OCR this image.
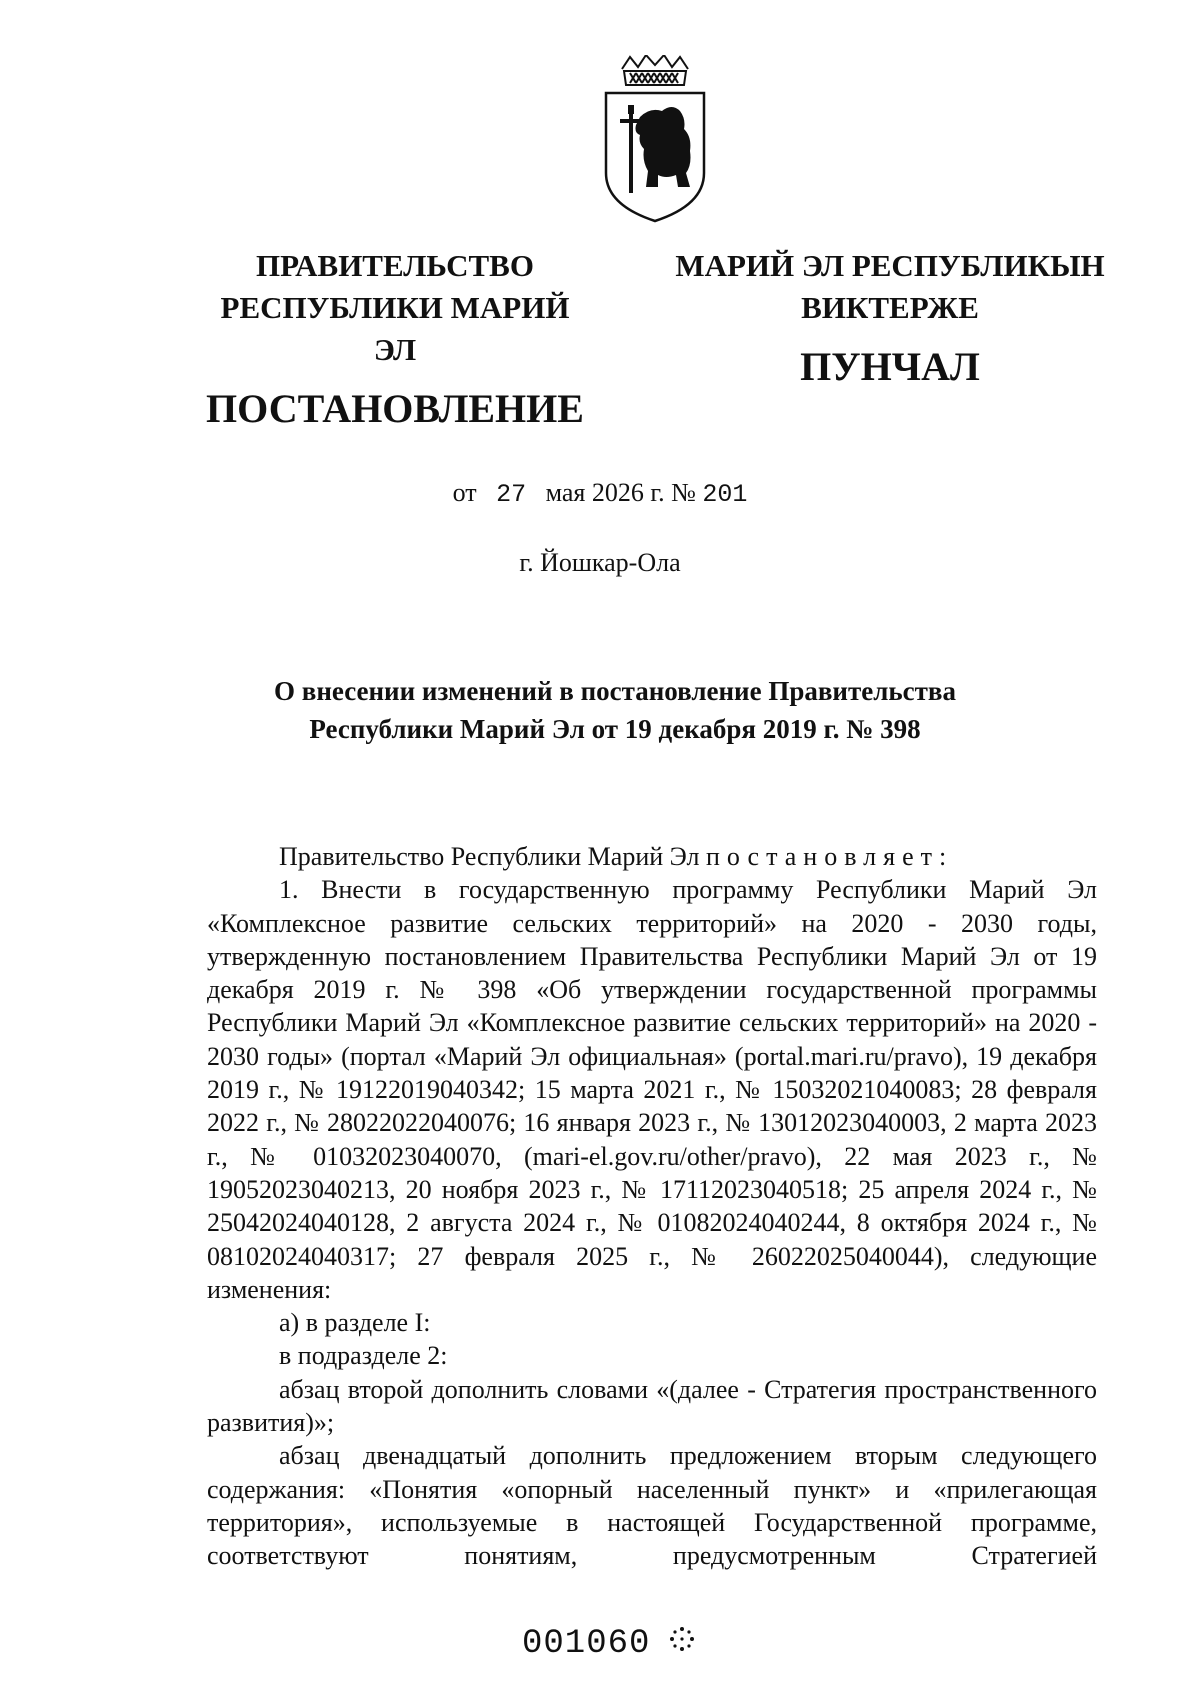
ПРАВИТЕЛЬСТВО
РЕСПУБЛИКИ МАРИЙ ЭЛ
ПОСТАНОВЛЕНИЕ
МАРИЙ ЭЛ РЕСПУБЛИКЫН
ВИКТЕРЖЕ
ПУНЧАЛ
от 27 мая 2026 г. № 201
г. Йошкар-Ола
О внесении изменений в постановление Правительства
Республики Марий Эл от 19 декабря 2019 г. № 398

Правительство Республики Марий Эл постановляет:

1. Внести в государственную программу Республики Марий Эл «Комплексное развитие сельских территорий» на 2020 - 2030 годы, утвержденную постановлением Правительства Республики Марий Эл от 19 декабря 2019 г. № 398 «Об утверждении государственной программы Республики Марий Эл «Комплексное развитие сельских территорий» на 2020 - 2030 годы» (портал «Марий Эл официальная» (portal.mari.ru/pravo), 19 декабря 2019 г., № 19122019040342; 15 марта 2021 г., № 15032021040083; 28 февраля 2022 г., № 28022022040076; 16 января 2023 г., № 13012023040003, 2 марта 2023 г., № 01032023040070, (mari-el.gov.ru/other/pravo), 22 мая 2023 г., № 19052023040213, 20 ноября 2023 г., № 17112023040518; 25 апреля 2024 г., № 25042024040128, 2 августа 2024 г., № 01082024040244, 8 октября 2024 г., № 08102024040317; 27 февраля 2025 г., № 26022025040044), следующие изменения:

а) в разделе I:

в подразделе 2:

абзац второй дополнить словами «(далее - Стратегия пространственного развития)»;

абзац двенадцатый дополнить предложением вторым следующего содержания: «Понятия «опорный населенный пункт» и «прилегающая территория», используемые в настоящей Государственной программе, соответствуют понятиям, предусмотренным Стратегией

001060
